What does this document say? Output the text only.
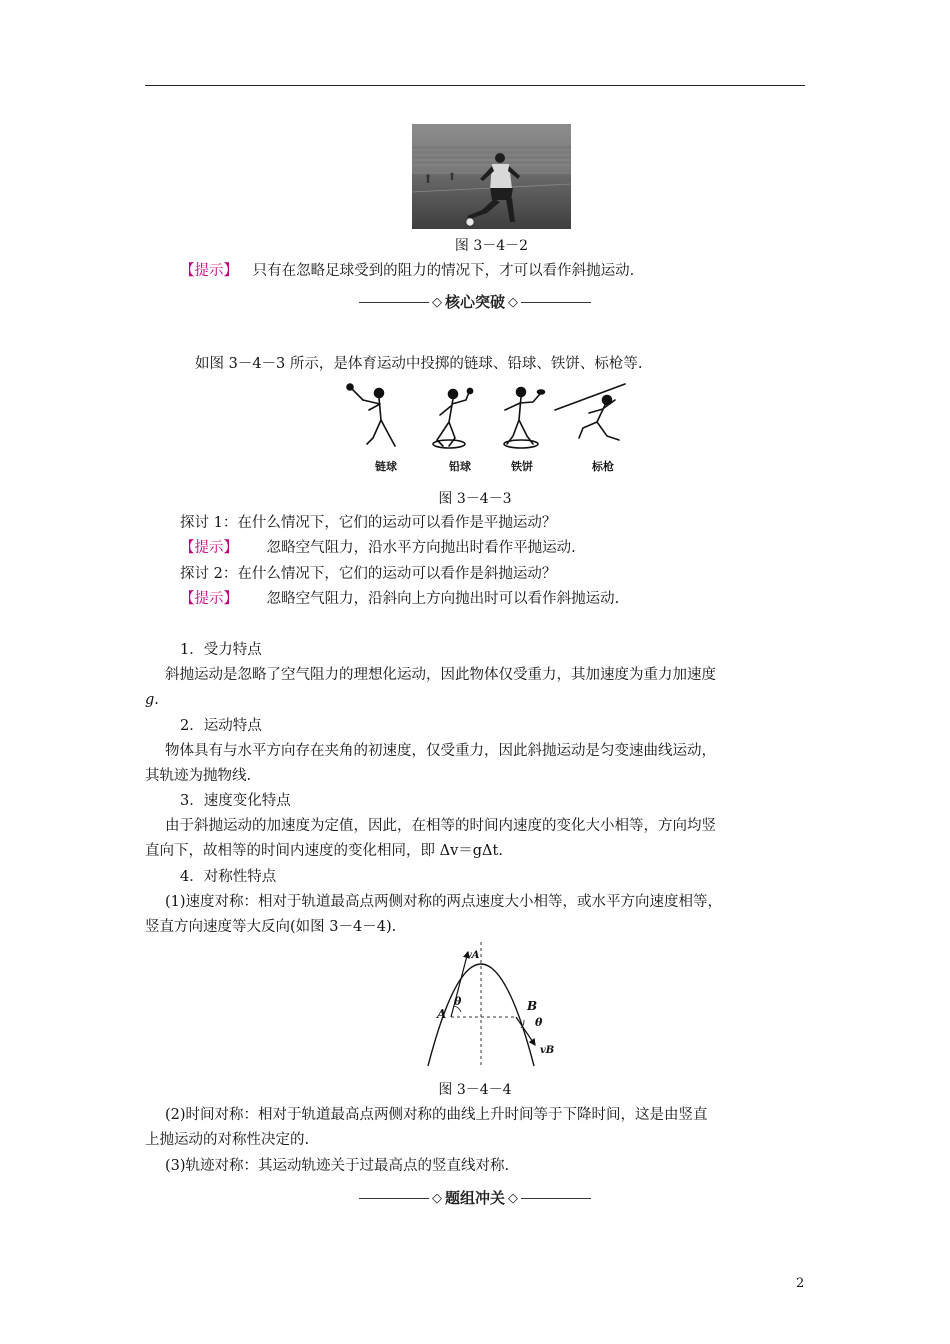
图 3－4－2
【提示】 只有在忽略足球受到的阻力的情况下，才可以看作斜抛运动.
◇ 核心突破 ◇
如图 3－4－3 所示，是体育运动中投掷的链球、铅球、铁饼、标枪等.
链球	铅球	铁饼	标枪
图 3－4－3
探讨 1：在什么情况下，它们的运动可以看作是平抛运动？
【提示】 忽略空气阻力，沿水平方向抛出时看作平抛运动.
探讨 2：在什么情况下，它们的运动可以看作是斜抛运动？
【提示】 忽略空气阻力，沿斜向上方向抛出时可以看作斜抛运动.
1．受力特点
斜抛运动是忽略了空气阻力的理想化运动，因此物体仅受重力，其加速度为重力加速度
g.
2．运动特点
物体具有与水平方向存在夹角的初速度，仅受重力，因此斜抛运动是匀变速曲线运动，
其轨迹为抛物线.
3．速度变化特点
由于斜抛运动的加速度为定值，因此，在相等的时间内速度的变化大小相等，方向均竖
直向下，故相等的时间内速度的变化相同，即 Δv＝gΔt.
4．对称性特点
(1)速度对称：相对于轨道最高点两侧对称的两点速度大小相等，或水平方向速度相等，
竖直方向速度等大反向(如图 3－4－4).
vA
vB
A
B
θ
θ
图 3－4－4
(2)时间对称：相对于轨道最高点两侧对称的曲线上升时间等于下降时间，这是由竖直
上抛运动的对称性决定的.
(3)轨迹对称：其运动轨迹关于过最高点的竖直线对称.
◇ 题组冲关 ◇
2
